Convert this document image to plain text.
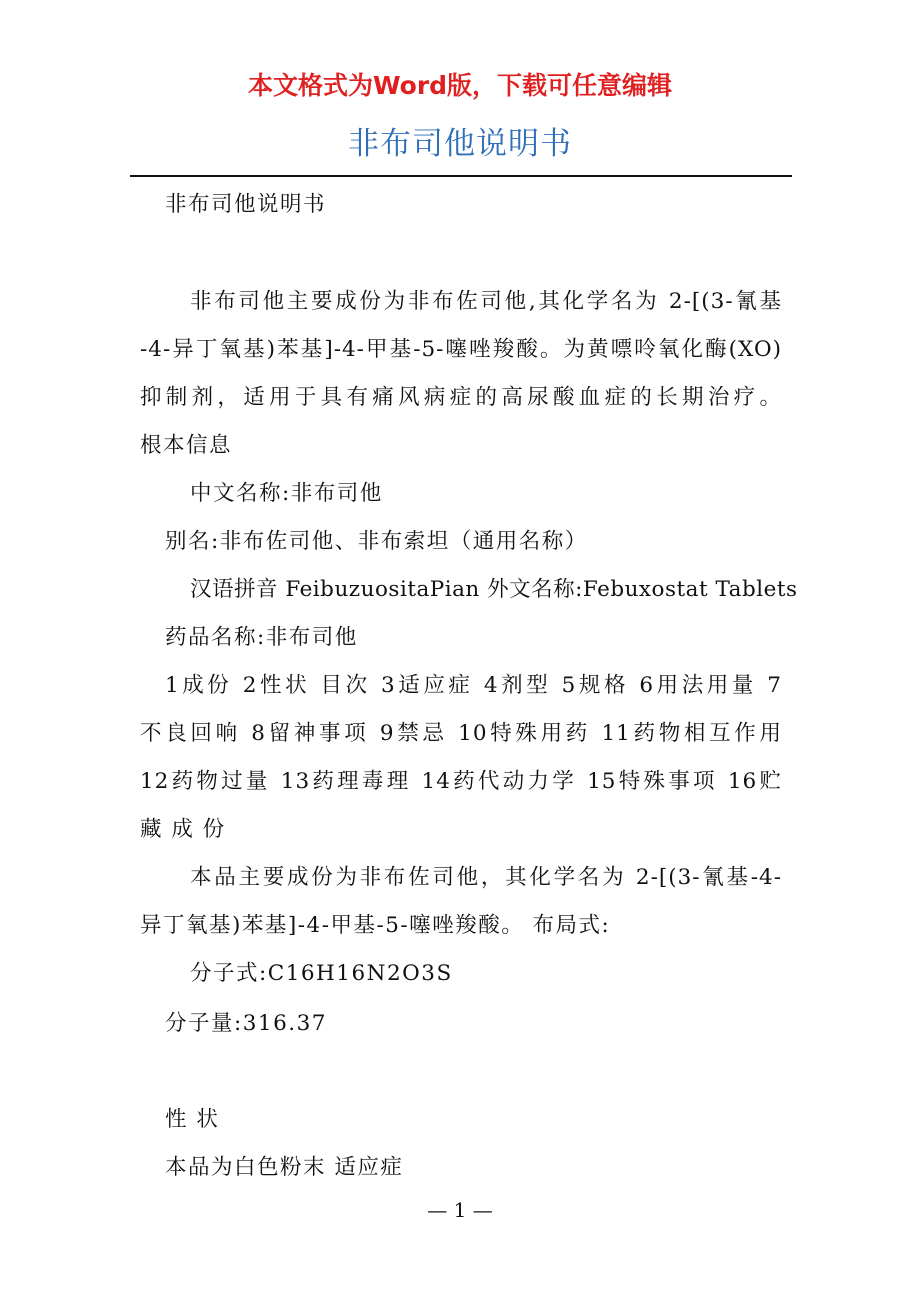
本文格式为Word版，下载可任意编辑
非布司他说明书
非布司他说明书
非布司他主要成份为非布佐司他,其化学名为 2-[(3-氰基
-4-异丁氧基)苯基]-4-甲基-5-噻唑羧酸。为黄嘌呤氧化酶(XO)
抑制剂，适用于具有痛风病症的高尿酸血症的长期治疗。
根本信息
中文名称:非布司他
别名:非布佐司他、非布索坦（通用名称）
汉语拼音 FeibuzuositaPian 外文名称:Febuxostat Tablets
药品名称:非布司他
1成份 2性状 目次 3适应症 4剂型 5规格 6用法用量 7
不良回响 8留神事项 9禁忌 10特殊用药 11药物相互作用
12药物过量 13药理毒理 14药代动力学 15特殊事项 16贮
藏 成 份
本品主要成份为非布佐司他，其化学名为 2-[(3-氰基-4-
异丁氧基)苯基]-4-甲基-5-噻唑羧酸。 布局式:
分子式:C16H16N2O3S
分子量:316.37
性 状
本品为白色粉末 适应症
— 1 —
